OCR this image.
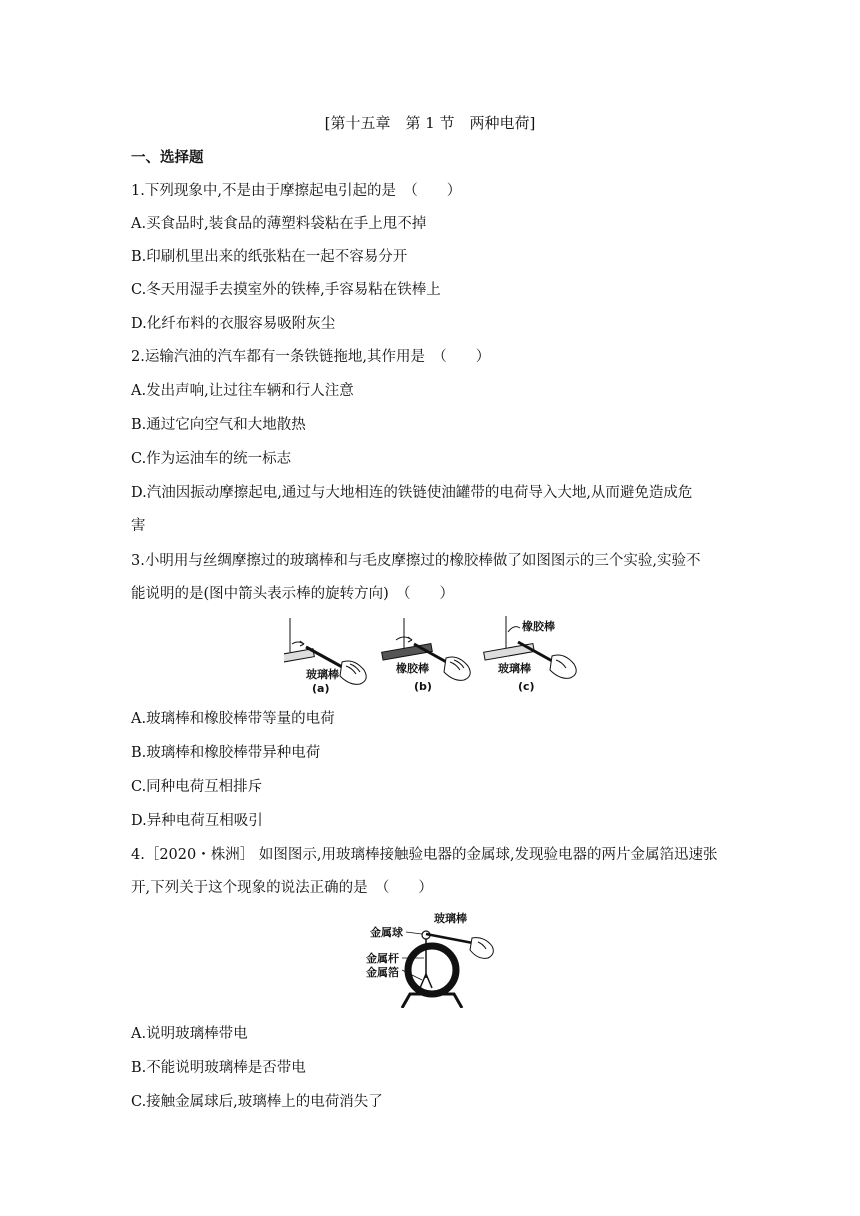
[第十五章　第 1 节　两种电荷]
一、选择题
1.下列现象中,不是由于摩擦起电引起的是　（　　）
A.买食品时,装食品的薄塑料袋粘在手上甩不掉
B.印刷机里出来的纸张粘在一起不容易分开
C.冬天用湿手去摸室外的铁棒,手容易粘在铁棒上
D.化纤布料的衣服容易吸附灰尘
2.运输汽油的汽车都有一条铁链拖地,其作用是　（　　）
A.发出声响,让过往车辆和行人注意
B.通过它向空气和大地散热
C.作为运油车的统一标志
D.汽油因振动摩擦起电,通过与大地相连的铁链使油罐带的电荷导入大地,从而避免造成危
害
3.小明用与丝绸摩擦过的玻璃棒和与毛皮摩擦过的橡胶棒做了如图图示的三个实验,实验不
能说明的是(图中箭头表示棒的旋转方向)　（　　）
玻璃棒
(a)
橡胶棒
(b)
橡胶棒
玻璃棒
(c)
A.玻璃棒和橡胶棒带等量的电荷
B.玻璃棒和橡胶棒带异种电荷
C.同种电荷互相排斥
D.异种电荷互相吸引
4.［2020・株洲］ 如图图示,用玻璃棒接触验电器的金属球,发现验电器的两片金属箔迅速张
开,下列关于这个现象的说法正确的是　（　　）
玻璃棒
金属球
金属杆
金属箔
A.说明玻璃棒带电
B.不能说明玻璃棒是否带电
C.接触金属球后,玻璃棒上的电荷消失了
